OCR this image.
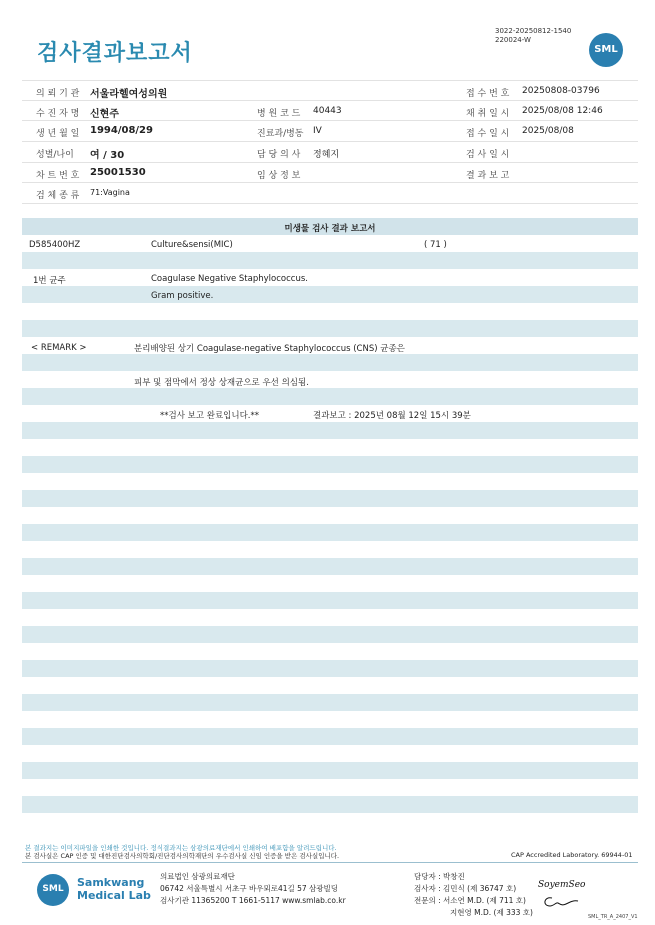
검사결과보고서
3022-20250812-1540
220024-W
SML
의 뢰 기 관 서울라헬여성의원	접 수 번 호 20250808-03796
수 진 자 명 신현주	병 원 코 드 40443	채 취 일 시 2025/08/08 12:46
생 년 월 일 1994/08/29	진료과/병동 IV	접 수 일 시 2025/08/08
성별/나이 여 / 30	담 당 의 사 정혜지	검 사 일 시
차 트 번 호 25001530	임 상 정 보	결 과 보 고
검 체 종 류 71:Vagina
미생물 검사 결과 보고서
D585400HZ	Culture&sensi(MIC)	( 71 )
1번 균주	Coagulase Negative Staphylococcus.
Gram positive.
< REMARK >	분리배양된 상기 Coagulase-negative Staphylococcus (CNS) 균종은
피부 및 점막에서 정상 상재균으로 우선 의심됨.
**검사 보고 완료입니다.**	결과보고 : 2025년 08월 12일 15시 39분
본 결과지는 이미지파일을 인쇄한 것입니다. 정식결과지는 삼광의료재단에서 인쇄하여 배포함을 알려드립니다.
본 검사실은 CAP 인증 및 대한진단검사의학회/진단검사의학재단의 우수검사실 신임 인증을 받은 검사실입니다.	CAP Accredited Laboratory. 69944-01
SML	Samkwang
Medical Lab
의료법인 삼광의료재단
06742 서울특별시 서초구 바우뫼로41길 57 삼광빌딩
검사기관 11365200 T 1661-5117 www.smlab.co.kr
담당자 : 박창진
검사자 : 김민식 (제 36747 호)
전문의 : 서소연 M.D. (제 711 호)
지현영 M.D. (제 333 호)
SoyemSeo
SML_TR_A_2407_V1
